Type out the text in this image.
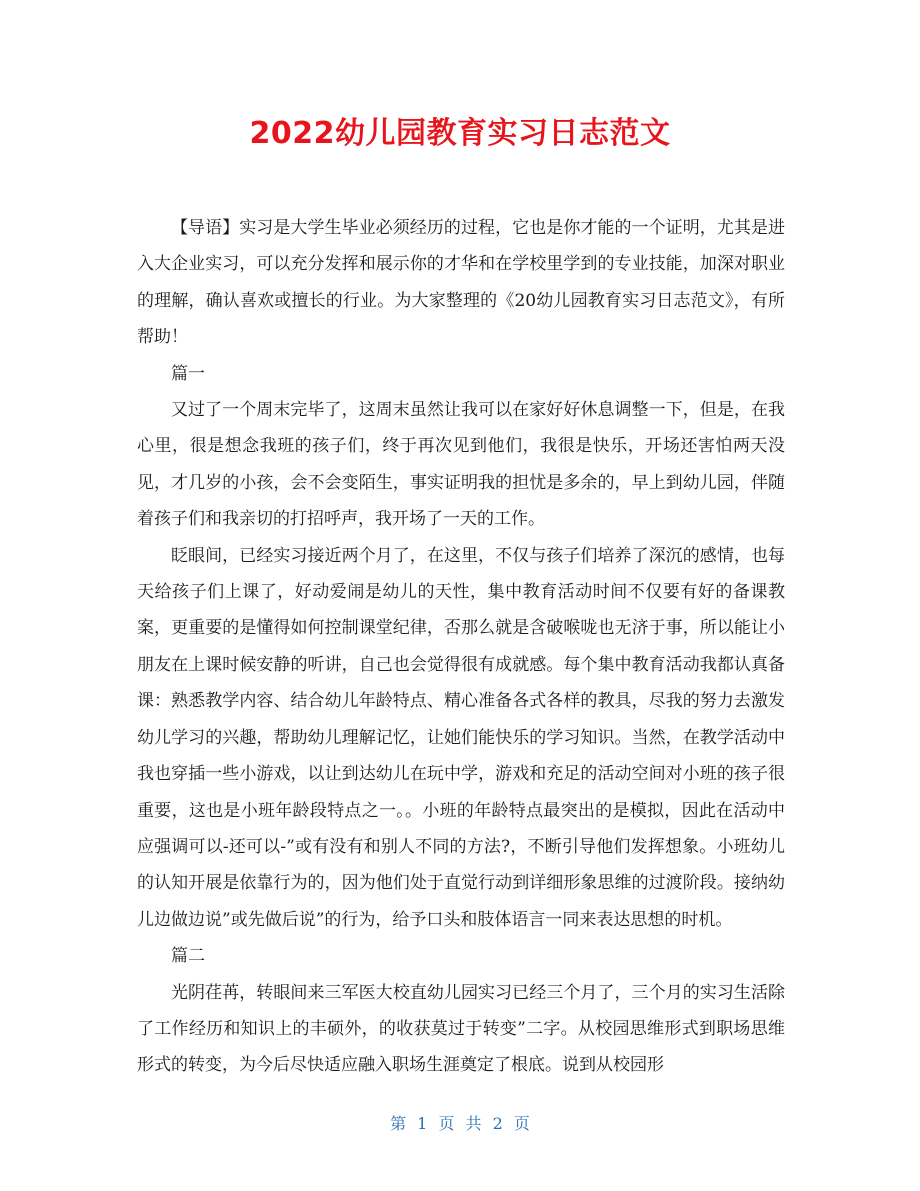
2022幼儿园教育实习日志范文

【导语】实习是大学生毕业必须经历的过程，它也是你才能的一个证明，尤其是进入大企业实习，可以充分发挥和展示你的才华和在学校里学到的专业技能，加深对职业的理解，确认喜欢或擅长的行业。为大家整理的《20幼儿园教育实习日志范文》，有所帮助！

篇一

又过了一个周末完毕了，这周末虽然让我可以在家好好休息调整一下，但是，在我心里，很是想念我班的孩子们，终于再次见到他们，我很是快乐，开场还害怕两天没见，才几岁的小孩，会不会变陌生，事实证明我的担忧是多余的，早上到幼儿园，伴随着孩子们和我亲切的打招呼声，我开场了一天的工作。

眨眼间，已经实习接近两个月了，在这里，不仅与孩子们培养了深沉的感情，也每天给孩子们上课了，好动爱闹是幼儿的天性，集中教育活动时间不仅要有好的备课教案，更重要的是懂得如何控制课堂纪律，否那么就是含破喉咙也无济于事，所以能让小朋友在上课时候安静的听讲，自己也会觉得很有成就感。每个集中教育活动我都认真备课：熟悉教学内容、结合幼儿年龄特点、精心准备各式各样的教具，尽我的努力去激发幼儿学习的兴趣，帮助幼儿理解记忆，让她们能快乐的学习知识。当然，在教学活动中我也穿插一些小游戏，以让到达幼儿在玩中学，游戏和充足的活动空间对小班的孩子很重要，这也是小班年龄段特点之一。。小班的年龄特点最突出的是模拟，因此在活动中应强调可以-还可以-”或有没有和别人不同的方法?，不断引导他们发挥想象。小班幼儿的认知开展是依靠行为的，因为他们处于直觉行动到详细形象思维的过渡阶段。接纳幼儿边做边说”或先做后说”的行为，给予口头和肢体语言一同来表达思想的时机。

篇二

光阴荏苒，转眼间来三军医大校直幼儿园实习已经三个月了，三个月的实习生活除了工作经历和知识上的丰硕外，的收获莫过于转变”二字。从校园思维形式到职场思维形式的转变，为今后尽快适应融入职场生涯奠定了根底。说到从校园形

第 1 页 共 2 页
